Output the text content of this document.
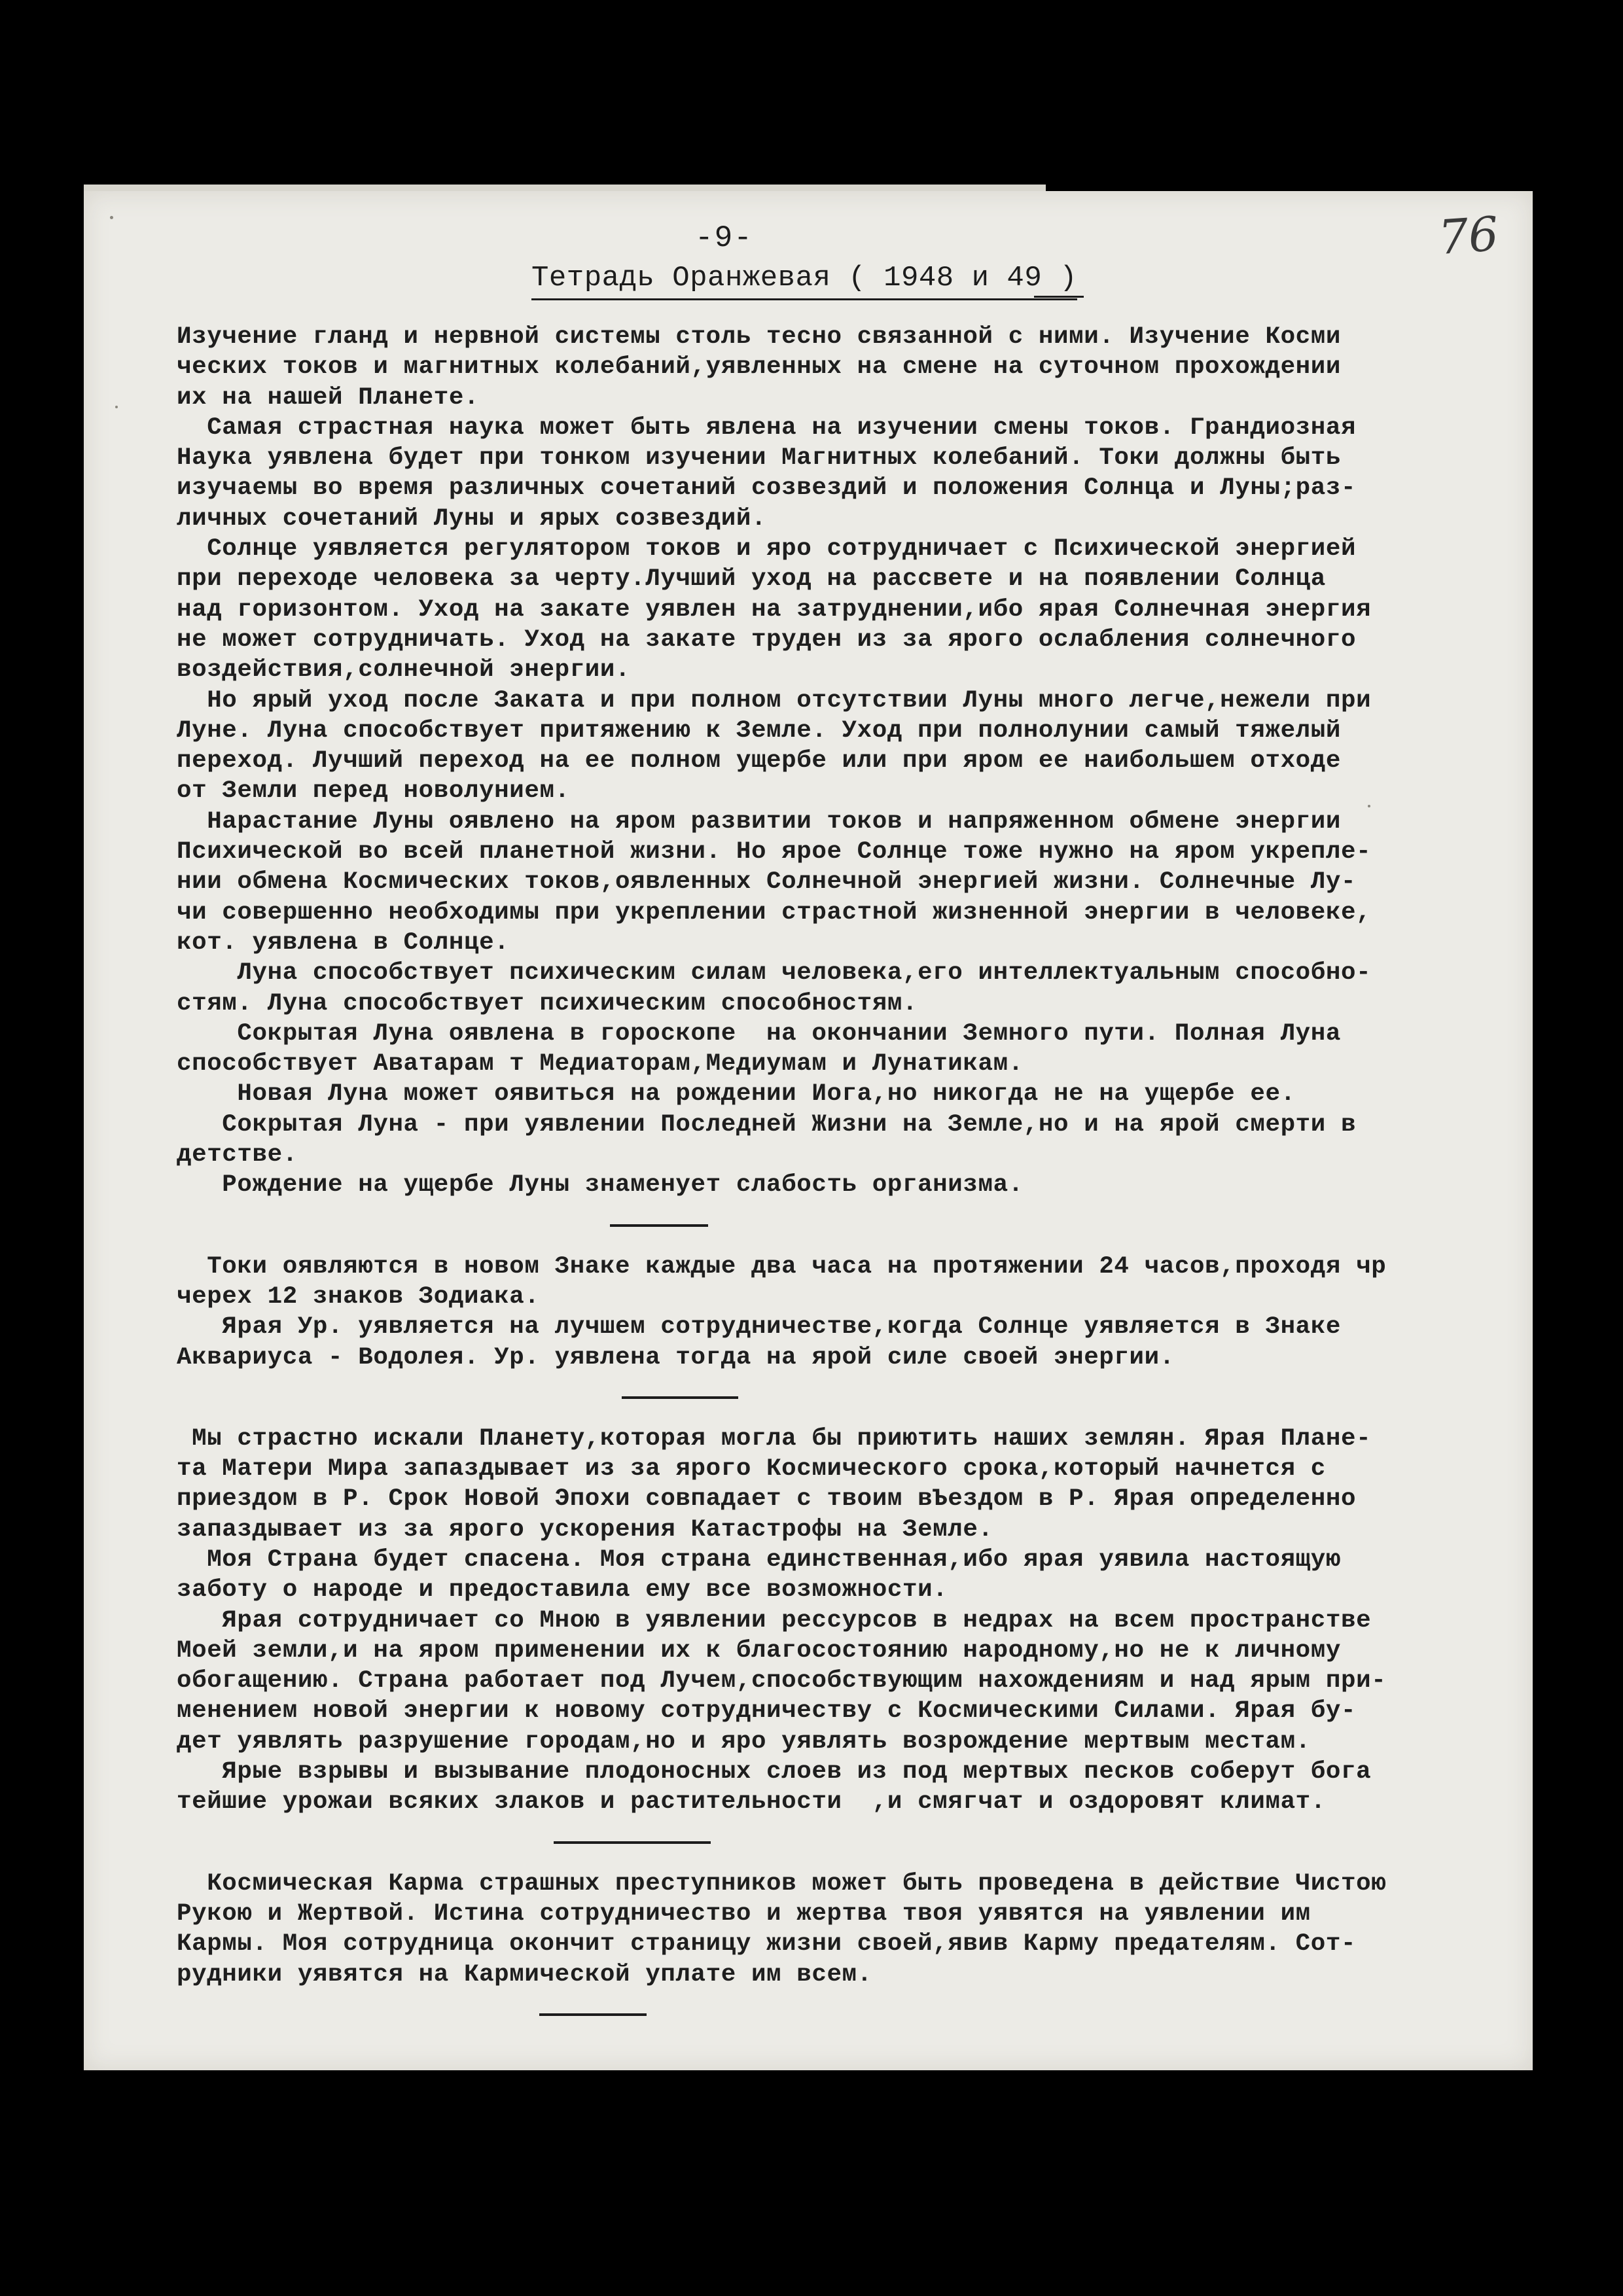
-9-	76
Тетрадь Оранжевая ( 1948 и 49 )
Изучение гланд и нервной системы столь тесно связанной с ними. Изучение Косми
ческих токов и магнитных колебаний,уявленных на смене на суточном прохождении
их на нашей Планете.
Самая страстная наука может быть явлена на изучении смены токов. Грандиозная
Наука уявлена будет при тонком изучении Магнитных колебаний. Токи должны быть
изучаемы во время различных сочетаний созвездий и положения Солнца и Луны;раз-
личных сочетаний Луны и ярых созвездий.
Солнце уявляется регулятором токов и яро сотрудничает с Психической энергией
при переходе человека за черту.Лучший уход на рассвете и на появлении Солнца
над горизонтом. Уход на закате уявлен на затруднении,ибо ярая Солнечная энергия
не может сотрудничать. Уход на закате труден из за ярого ослабления солнечного
воздействия,солнечной энергии.
Но ярый уход после Заката и при полном отсутствии Луны много легче,нежели при
Луне. Луна способствует притяжению к Земле. Уход при полнолунии самый тяжелый
переход. Лучший переход на ее полном ущербе или при яром ее наибольшем отходе
от Земли перед новолунием.
Нарастание Луны оявлено на яром развитии токов и напряженном обмене энергии
Психической во всей планетной жизни. Но ярое Солнце тоже нужно на яром укрепле-
нии обмена Космических токов,оявленных Солнечной энергией жизни. Солнечные Лу-
чи совершенно необходимы при укреплении страстной жизненной энергии в человеке,
кот. уявлена в Солнце.
Луна способствует психическим силам человека,его интеллектуальным способно-
стям. Луна способствует психическим способностям.
Сокрытая Луна оявлена в гороскопе  на окончании Земного пути. Полная Луна
способствует Аватарам т Медиаторам,Медиумам и Лунатикам.
Новая Луна может оявиться на рождении Иога,но никогда не на ущербе ее.
Сокрытая Луна - при уявлении Последней Жизни на Земле,но и на ярой смерти в
детстве.
Рождение на ущербе Луны знаменует слабость организма.
Токи оявляются в новом Знаке каждые два часа на протяжении 24 часов,проходя чр
черех 12 знаков Зодиака.
Ярая Ур. уявляется на лучшем сотрудничестве,когда Солнце уявляется в Знаке
Аквариуса - Водолея. Ур. уявлена тогда на ярой силе своей энергии.
Мы страстно искали Планету,которая могла бы приютить наших землян. Ярая Плане-
та Матери Мира запаздывает из за ярого Космического срока,который начнется с
приездом в Р. Срок Новой Эпохи совпадает с твоим вЪездом в Р. Ярая определенно
запаздывает из за ярого ускорения Катастрофы на Земле.
Моя Страна будет спасена. Моя страна единственная,ибо ярая уявила настоящую
заботу о народе и предоставила ему все возможности.
Ярая сотрудничает со Мною в уявлении рессурсов в недрах на всем пространстве
Моей земли,и на яром применении их к благосостоянию народному,но не к личному
обогащению. Страна работает под Лучем,способствующим нахождениям и над ярым при-
менением новой энергии к новому сотрудничеству с Космическими Силами. Ярая бу-
дет уявлять разрушение городам,но и яро уявлять возрождение мертвым местам.
Ярые взрывы и вызывание плодоносных слоев из под мертвых песков соберут бога
тейшие урожаи всяких злаков и растительности  ,и смягчат и оздоровят климат.
Космическая Карма страшных преступников может быть проведена в действие Чистою
Рукою и Жертвой. Истина сотрудничество и жертва твоя уявятся на уявлении им
Кармы. Моя сотрудница окончит страницу жизни своей,явив Карму предателям. Сот-
рудники уявятся на Кармической уплате им всем.
